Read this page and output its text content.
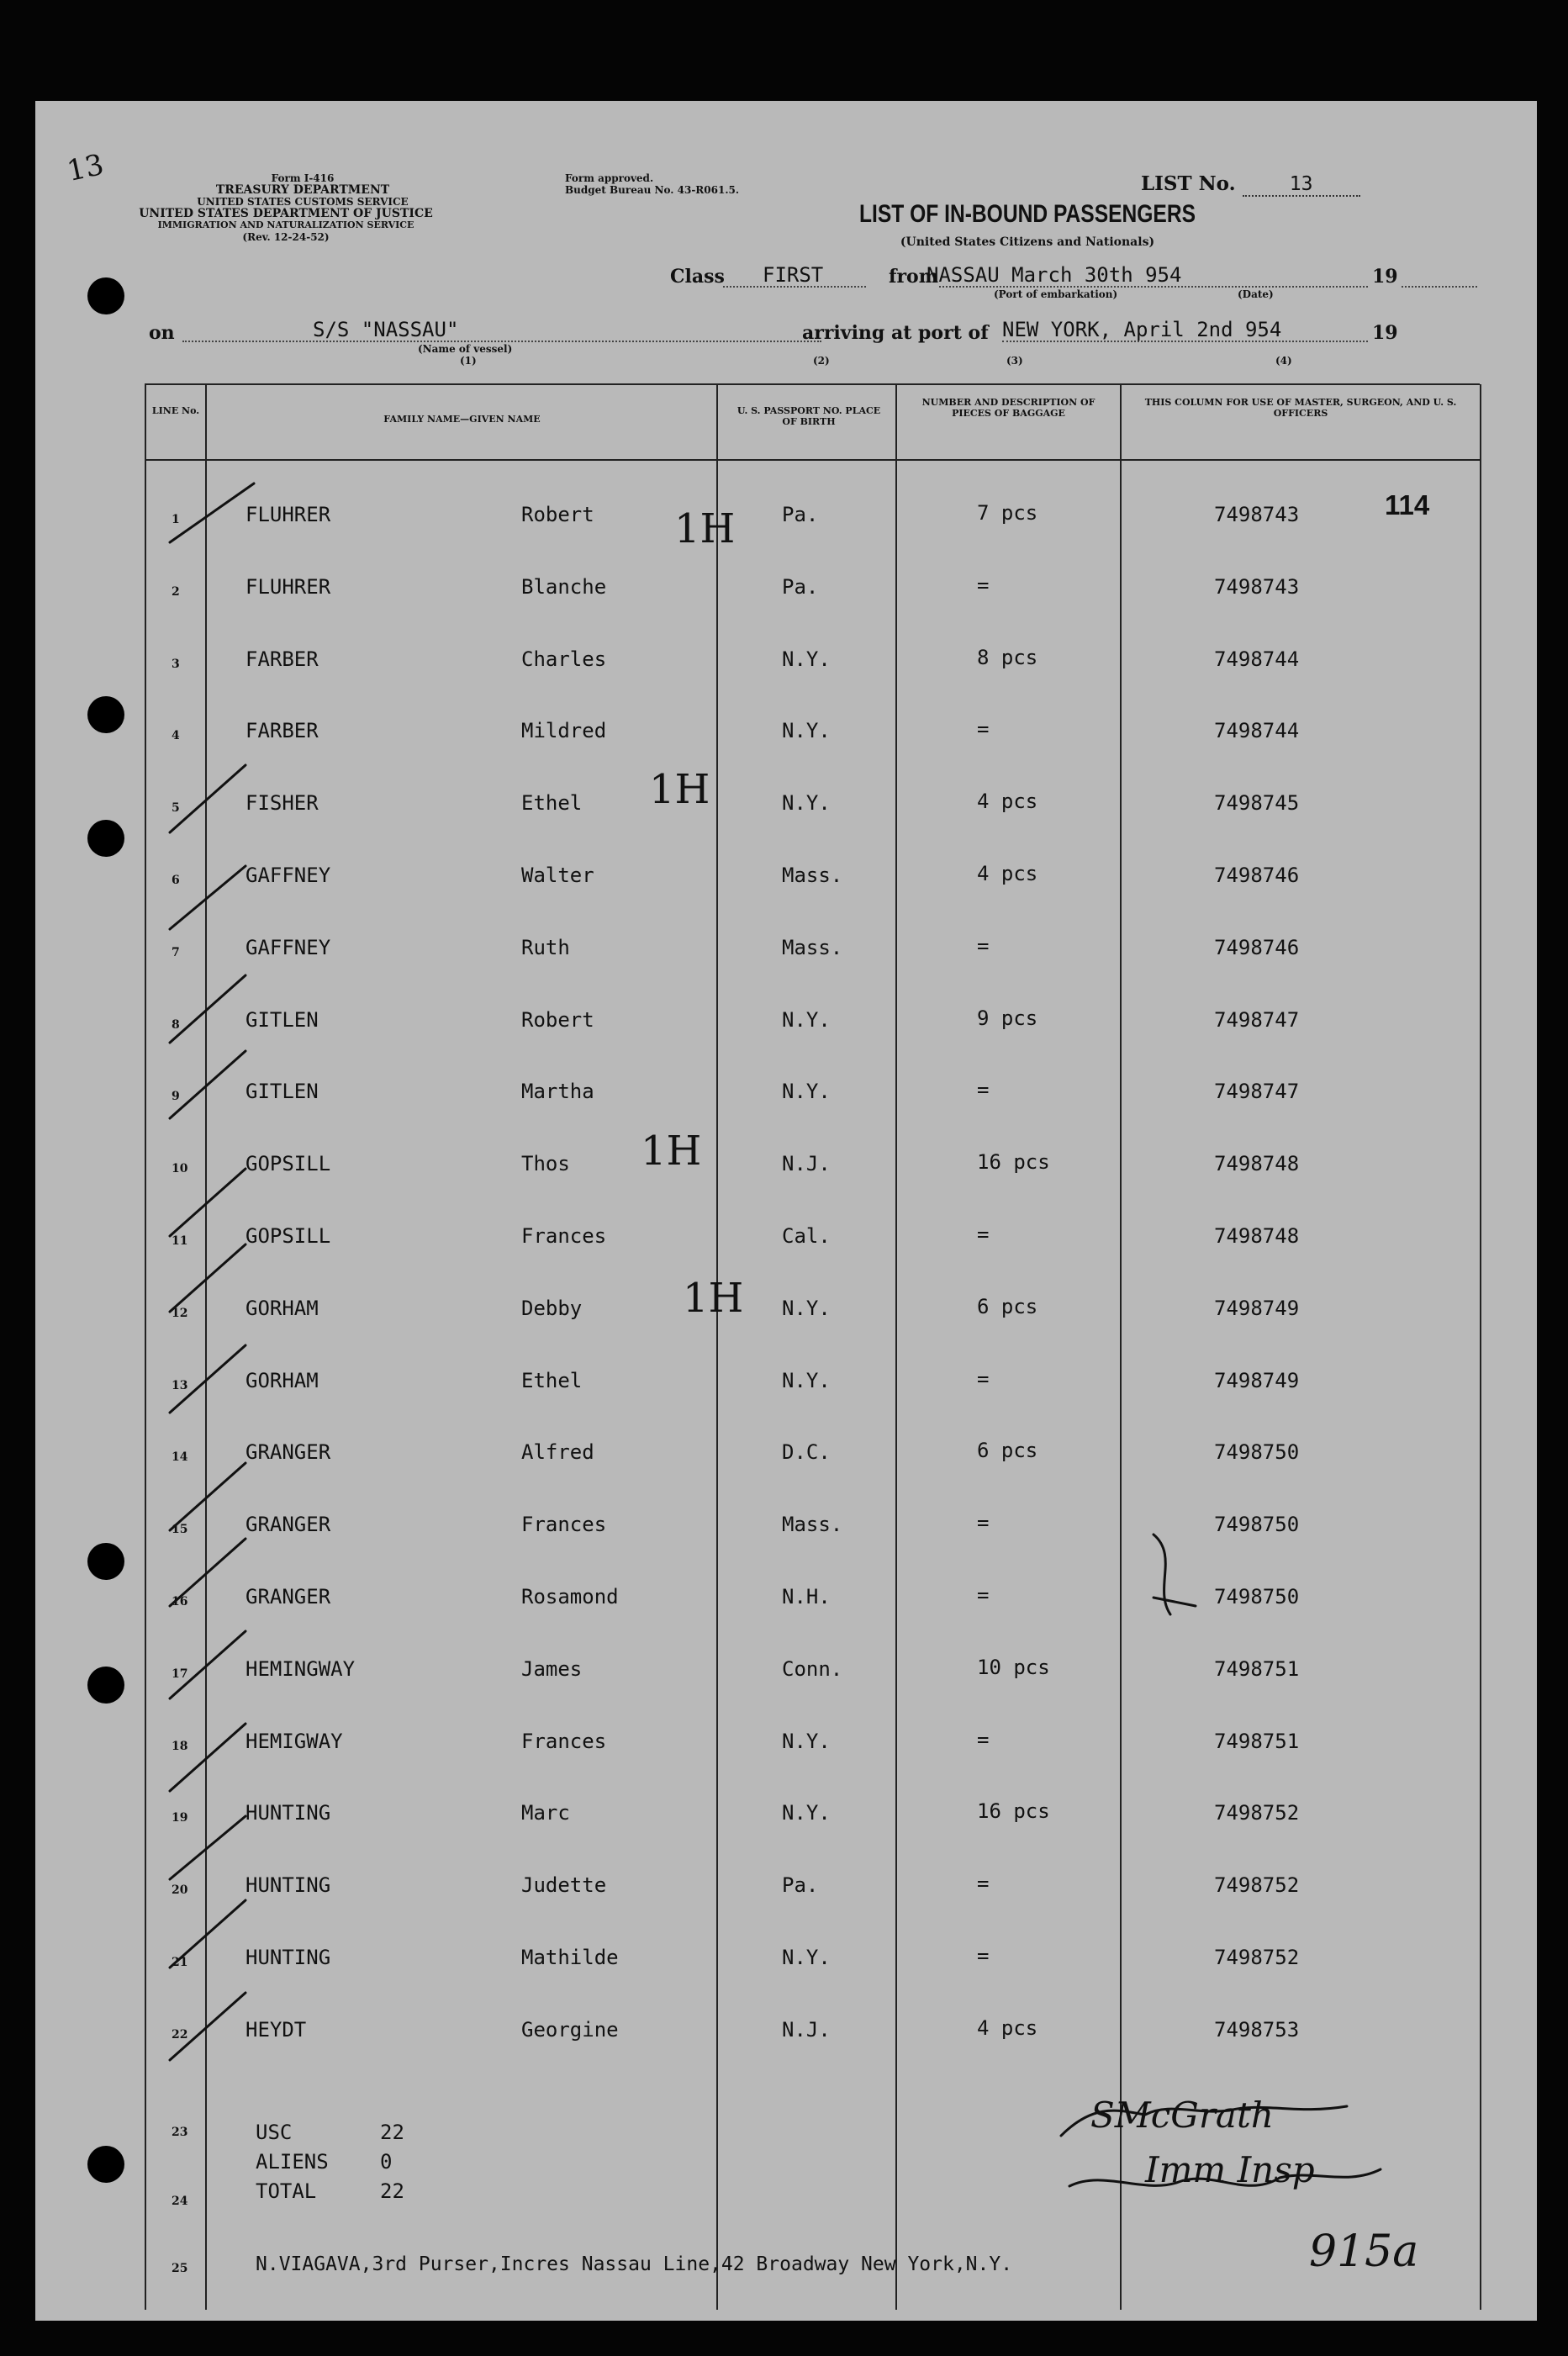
13	Form I-416
TREASURY DEPARTMENT
UNITED STATES CUSTOMS SERVICE
UNITED STATES DEPARTMENT OF JUSTICE
IMMIGRATION AND NATURALIZATION SERVICE
(Rev. 12-24-52)
Form approved.
Budget Bureau No. 43-R061.5.	LIST No.	13
LIST OF IN-BOUND PASSENGERS
(United States Citizens and Nationals)
Class FIRST	from
NASSAU March 30th 954
(Port of embarkation)	(Date)
19
on	S/S "NASSAU"
(Name of vessel)
(1)
arriving at port of NEW YORK, April 2nd 954	19
(2)	(3)	(4)
LINE No.
FAMILY NAME—GIVEN NAME
U. S. PASSPORT NO. PLACE OF BIRTH
NUMBER AND DESCRIPTION OF PIECES OF BAGGAGE
THIS COLUMN FOR USE OF MASTER, SURGEON, AND U. S. OFFICERS
114
1	FLUHRER	Robert	Pa.	7 pcs	7498743
2	FLUHRER	Blanche	Pa.	=	7498743
3	FARBER	Charles	N.Y.	8 pcs	7498744
4	FARBER	Mildred	N.Y.	=	7498744
5	FISHER	Ethel	N.Y.	4 pcs	7498745
6	GAFFNEY	Walter	Mass.	4 pcs	7498746
7	GAFFNEY	Ruth	Mass.	=	7498746
8	GITLEN	Robert	N.Y.	9 pcs	7498747
9	GITLEN	Martha	N.Y.	=	7498747
10	GOPSILL	Thos	N.J.	16 pcs	7498748
11	GOPSILL	Frances	Cal.	=	7498748
12	GORHAM	Debby	N.Y.	6 pcs	7498749
13	GORHAM	Ethel	N.Y.	=	7498749
14	GRANGER	Alfred	D.C.	6 pcs	7498750
15	GRANGER	Frances	Mass.	=	7498750
16	GRANGER	Rosamond	N.H.	=	7498750
17	HEMINGWAY	James	Conn.	10 pcs	7498751
18	HEMIGWAY	Frances	N.Y.	=	7498751
19	HUNTING	Marc	N.Y.	16 pcs	7498752
20	HUNTING	Judette	Pa.	=	7498752
21	HUNTING	Mathilde	N.Y.	=	7498752
22	HEYDT	Georgine	N.J.	4 pcs	7498753
23
24
25
USC	22
ALIENS	0
TOTAL	22
N.VIAGAVA,3rd Purser,Incres Nassau Line,42 Broadway New York,N.Y.
1H
1H
1H
1H
SMcGrath
Imm Insp
915a
